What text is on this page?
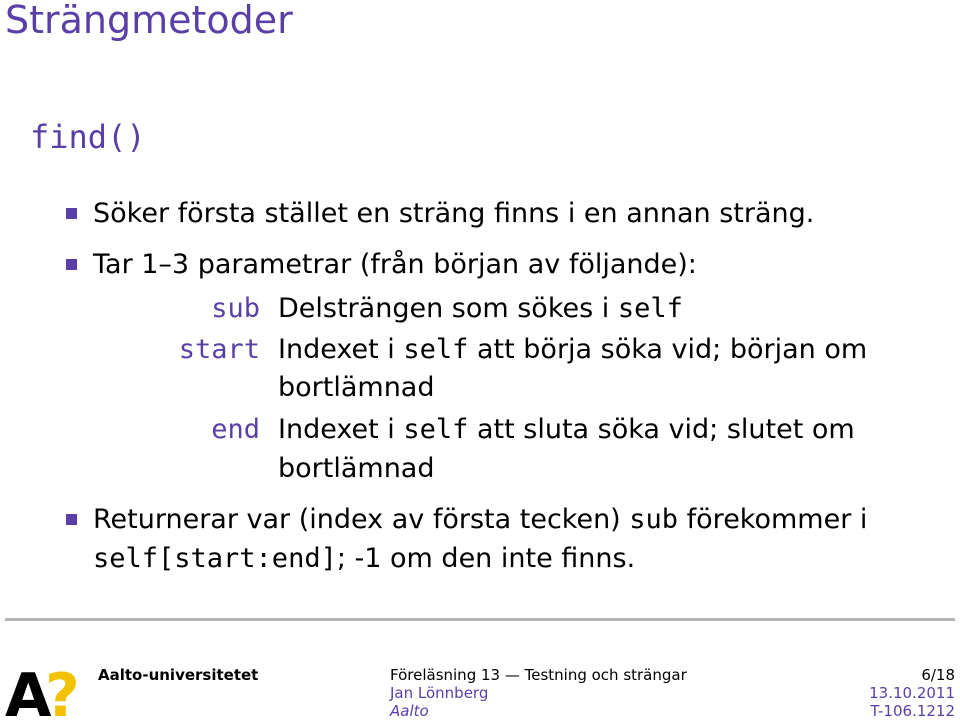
Strängmetoder
find()
Söker första stället en sträng finns i en annan sträng.
Tar 1–3 parametrar (från början av följande):
sub Delsträngen som sökes i self
start Indexet i self att börja söka vid; början om
bortlämnad
end Indexet i self att sluta söka vid; slutet om
bortlämnad
Returnerar var (index av första tecken) sub förekommer i
self[start:end]; -1 om den inte finns.
A
? Aalto-universitetet	Föreläsning 13 — Testning och strängar	6/18
Jan Lönnberg	13.10.2011
Aalto	T-106.1212
